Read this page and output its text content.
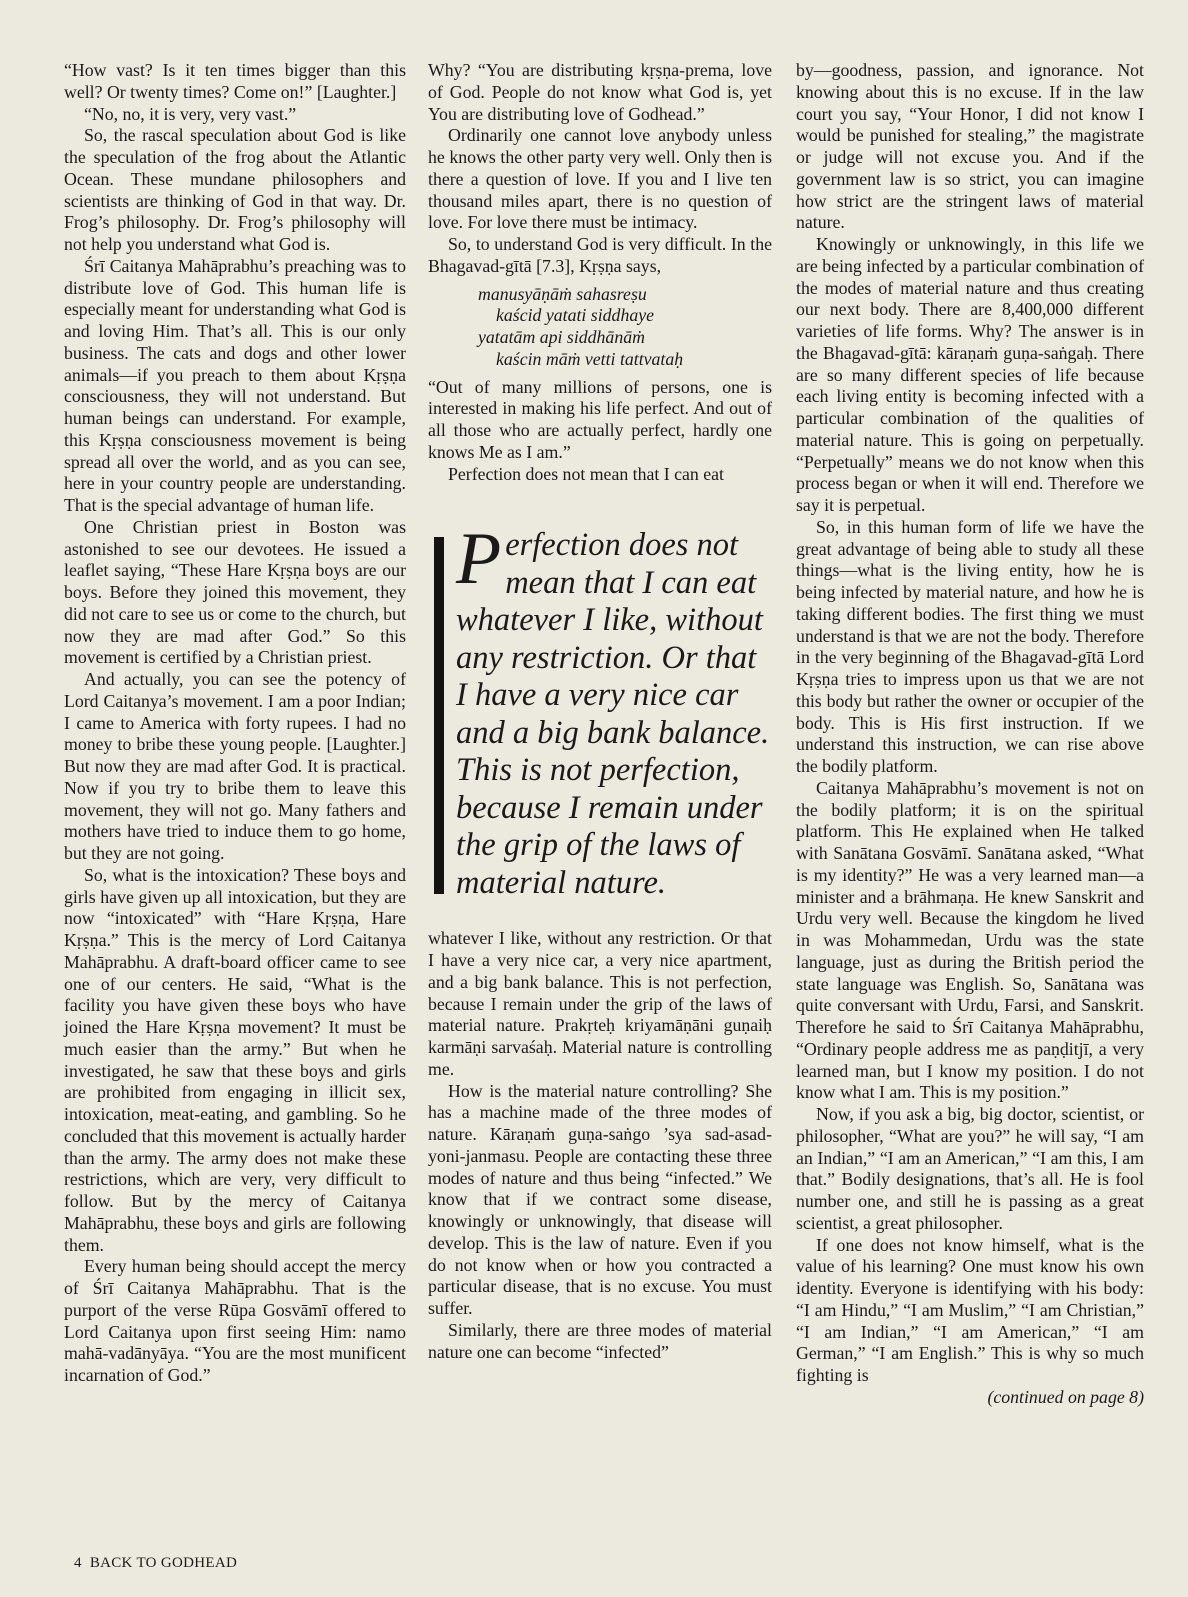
“How vast? Is it ten times bigger than this well? Or twenty times? Come on!” [Laughter.]

“No, no, it is very, very vast.”

So, the rascal speculation about God is like the speculation of the frog about the Atlantic Ocean. These mundane philosophers and scientists are thinking of God in that way. Dr. Frog’s philosophy. Dr. Frog’s philosophy will not help you understand what God is.

Śrī Caitanya Mahāprabhu’s preaching was to distribute love of God. This human life is especially meant for understanding what God is and loving Him. That’s all. This is our only business. The cats and dogs and other lower animals—if you preach to them about Kṛṣṇa consciousness, they will not understand. But human beings can understand. For example, this Kṛṣṇa consciousness movement is being spread all over the world, and as you can see, here in your country people are understanding. That is the special advantage of human life.

One Christian priest in Boston was astonished to see our devotees. He issued a leaflet saying, “These Hare Kṛṣṇa boys are our boys. Before they joined this movement, they did not care to see us or come to the church, but now they are mad after God.” So this movement is certified by a Christian priest.

And actually, you can see the potency of Lord Caitanya’s movement. I am a poor Indian; I came to America with forty rupees. I had no money to bribe these young people. [Laughter.] But now they are mad after God. It is practical. Now if you try to bribe them to leave this movement, they will not go. Many fathers and mothers have tried to induce them to go home, but they are not going.

So, what is the intoxication? These boys and girls have given up all intoxication, but they are now “intoxicated” with “Hare Kṛṣṇa, Hare Kṛṣṇa.” This is the mercy of Lord Caitanya Mahāprabhu. A draft-board officer came to see one of our centers. He said, “What is the facility you have given these boys who have joined the Hare Kṛṣṇa movement? It must be much easier than the army.” But when he investigated, he saw that these boys and girls are prohibited from engaging in illicit sex, intoxication, meat-eating, and gambling. So he concluded that this movement is actually harder than the army. The army does not make these restrictions, which are very, very difficult to follow. But by the mercy of Caitanya Mahāprabhu, these boys and girls are following them.

Every human being should accept the mercy of Śrī Caitanya Mahāprabhu. That is the purport of the verse Rūpa Gosvāmī offered to Lord Caitanya upon first seeing Him: namo mahā-vadānyāya. “You are the most munificent incarnation of God.”

Why? “You are distributing kṛṣṇa-prema, love of God. People do not know what God is, yet You are distributing love of Godhead.”

Ordinarily one cannot love anybody unless he knows the other party very well. Only then is there a question of love. If you and I live ten thousand miles apart, there is no question of love. For love there must be intimacy.

So, to understand God is very difficult. In the Bhagavad-gītā [7.3], Kṛṣṇa says,

manusyāṇāṁ sahasreṣu
kaścid yatati siddhaye
yatatām api siddhānāṁ
kaścin māṁ vetti tattvataḥ

“Out of many millions of persons, one is interested in making his life perfect. And out of all those who are actually perfect, hardly one knows Me as I am.”

Perfection does not mean that I can eat

Perfection does not mean that I can eat whatever I like, without any restriction. Or that I have a very nice car and a big bank balance. This is not perfection, because I remain under the grip of the laws of material nature.

whatever I like, without any restriction. Or that I have a very nice car, a very nice apartment, and a big bank balance. This is not perfection, because I remain under the grip of the laws of material nature. Prakṛteḥ kriyamāṇāni guṇaiḥ karmāṇi sarvaśaḥ. Material nature is controlling me.

How is the material nature controlling? She has a machine made of the three modes of nature. Kāraṇaṁ guṇa-saṅgo ’sya sad-asad-yoni-janmasu. People are contacting these three modes of nature and thus being “infected.” We know that if we contract some disease, knowingly or unknowingly, that disease will develop. This is the law of nature. Even if you do not know when or how you contracted a particular disease, that is no excuse. You must suffer.

Similarly, there are three modes of material nature one can become “infected”

by—goodness, passion, and ignorance. Not knowing about this is no excuse. If in the law court you say, “Your Honor, I did not know I would be punished for stealing,” the magistrate or judge will not excuse you. And if the government law is so strict, you can imagine how strict are the stringent laws of material nature.

Knowingly or unknowingly, in this life we are being infected by a particular combination of the modes of material nature and thus creating our next body. There are 8,400,000 different varieties of life forms. Why? The answer is in the Bhagavad-gītā: kāraṇaṁ guṇa-saṅgaḥ. There are so many different species of life because each living entity is becoming infected with a particular combination of the qualities of material nature. This is going on perpetually. “Perpetually” means we do not know when this process began or when it will end. Therefore we say it is perpetual.

So, in this human form of life we have the great advantage of being able to study all these things—what is the living entity, how he is being infected by material nature, and how he is taking different bodies. The first thing we must understand is that we are not the body. Therefore in the very beginning of the Bhagavad-gītā Lord Kṛṣṇa tries to impress upon us that we are not this body but rather the owner or occupier of the body. This is His first instruction. If we understand this instruction, we can rise above the bodily platform.

Caitanya Mahāprabhu’s movement is not on the bodily platform; it is on the spiritual platform. This He explained when He talked with Sanātana Gosvāmī. Sanātana asked, “What is my identity?” He was a very learned man—a minister and a brāhmaṇa. He knew Sanskrit and Urdu very well. Because the kingdom he lived in was Mohammedan, Urdu was the state language, just as during the British period the state language was English. So, Sanātana was quite conversant with Urdu, Farsi, and Sanskrit. Therefore he said to Śrī Caitanya Mahāprabhu, “Ordinary people address me as paṇḍitjī, a very learned man, but I know my position. I do not know what I am. This is my position.”

Now, if you ask a big, big doctor, scientist, or philosopher, “What are you?” he will say, “I am an Indian,” “I am an American,” “I am this, I am that.” Bodily designations, that’s all. He is fool number one, and still he is passing as a great scientist, a great philosopher.

If one does not know himself, what is the value of his learning? One must know his own identity. Everyone is identifying with his body: “I am Hindu,” “I am Muslim,” “I am Christian,” “I am Indian,” “I am American,” “I am German,” “I am English.” This is why so much fighting is

(continued on page 8)

4 BACK TO GODHEAD
